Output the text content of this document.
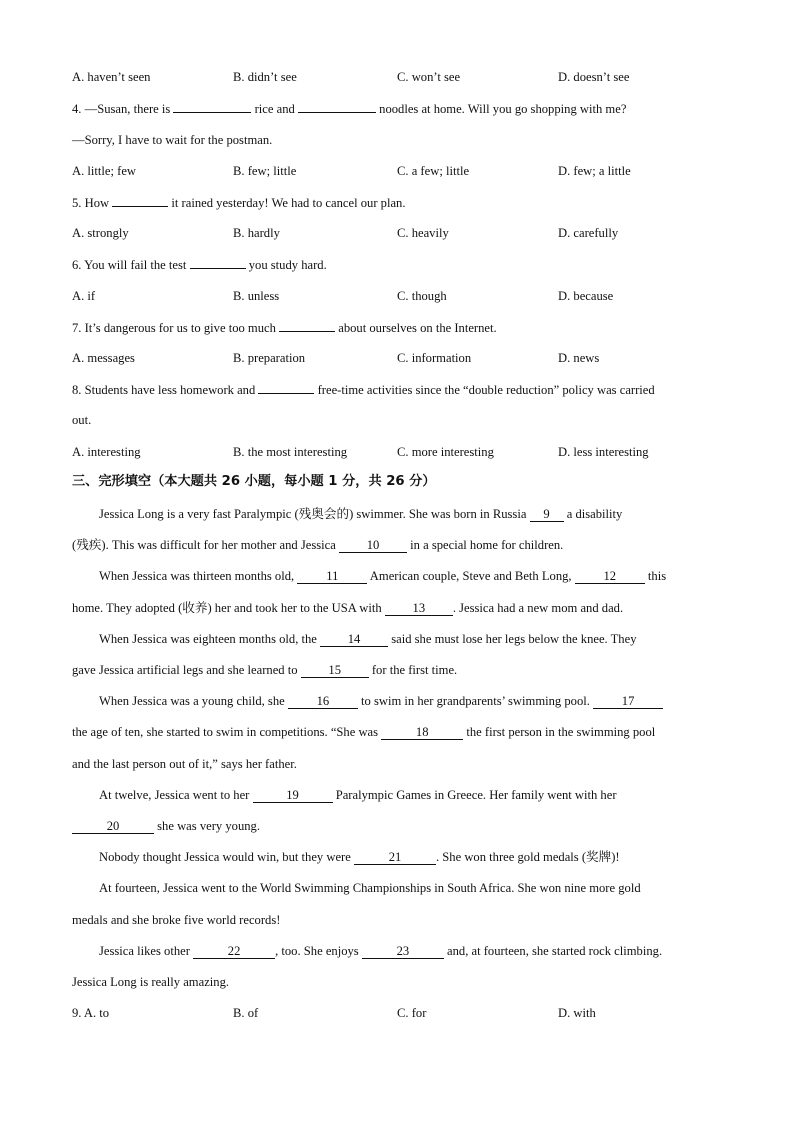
A. haven’t seen	B. didn’t see	C. won’t see	D. doesn’t see
4. —Susan, there is	rice and	noodles at home. Will you go shopping with me?
—Sorry, I have to wait for the postman.
A. little; few	B. few; little	C. a few; little	D. few; a little
5. How	it rained yesterday! We had to cancel our plan.
A. strongly	B. hardly	C. heavily	D. carefully
6. You will fail the test	you study hard.
A. if	B. unless	C. though	D. because
7. It’s dangerous for us to give too much	about ourselves on the Internet.
A. messages	B. preparation	C. information	D. news
8. Students have less homework and	free-time activities since the “double reduction” policy was carried
out.
A. interesting	B. the most interesting	C. more interesting	D. less interesting
三、完形填空（本大题共 26 小题，每小题 1 分，共 26 分）
Jessica Long is a very fast Paralympic (残奥会的) swimmer. She was born in Russia 9 a disability
(残疾). This was difficult for her mother and Jessica 10 in a special home for children.
When Jessica was thirteen months old,	11 American couple, Steve and Beth Long,	12	this
home. They adopted (收养) her and took her to the USA with 13 . Jessica had a new mom and dad.
When Jessica was eighteen months old, the 14 said she must lose her legs below the knee. They
gave Jessica artificial legs and she learned to 15 for the first time.
When Jessica was a young child, she	16	to swim in her grandparents’ swimming pool.	17
the age of ten, she started to swim in competitions. “She was	18	the first person in the swimming pool
and the last person out of it,” says her father.
At twelve, Jessica went to her	19	Paralympic Games in Greece. Her family went with her
20	she was very young.
Nobody thought Jessica would win, but they were	21	. She won three gold medals (奖牌)!
At fourteen, Jessica went to the World Swimming Championships in South Africa. She won nine more gold
medals and she broke five world records!
Jessica likes other	22	, too. She enjoys	23	and, at fourteen, she started rock climbing.
Jessica Long is really amazing.
9. A. to	B. of	C. for	D. with
